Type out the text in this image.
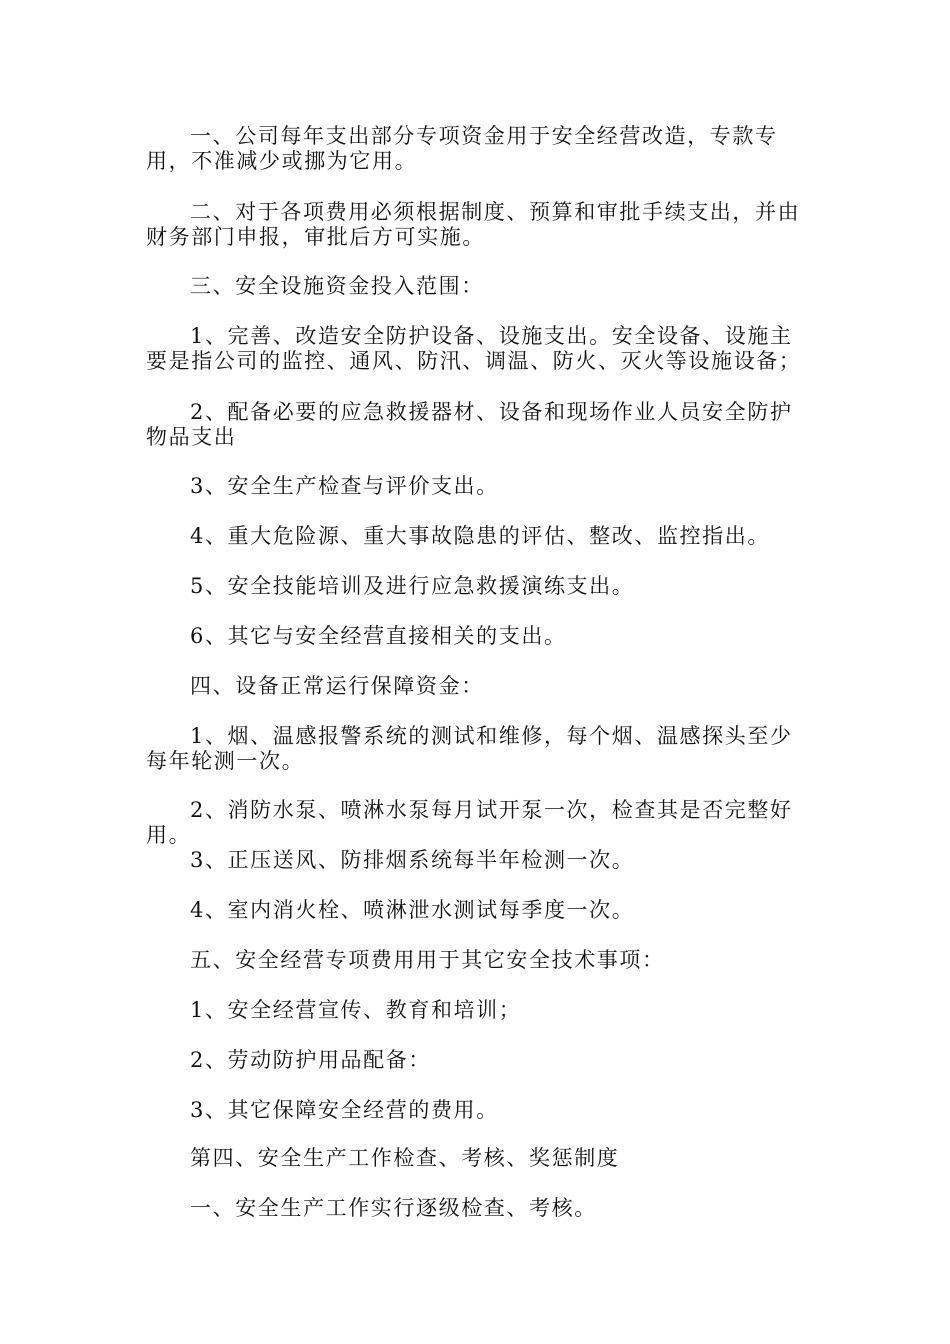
一、公司每年支出部分专项资金用于安全经营改造，专款专用，不准减少或挪为它用。

二、对于各项费用必须根据制度、预算和审批手续支出，并由财务部门申报，审批后方可实施。

三、安全设施资金投入范围：

1、完善、改造安全防护设备、设施支出。安全设备、设施主要是指公司的监控、通风、防汛、调温、防火、灭火等设施设备；

2、配备必要的应急救援器材、设备和现场作业人员安全防护物品支出

3、安全生产检查与评价支出。

4、重大危险源、重大事故隐患的评估、整改、监控指出。

5、安全技能培训及进行应急救援演练支出。

6、其它与安全经营直接相关的支出。

四、设备正常运行保障资金：

1、烟、温感报警系统的测试和维修，每个烟、温感探头至少每年轮测一次。

2、消防水泵、喷淋水泵每月试开泵一次，检查其是否完整好用。

3、正压送风、防排烟系统每半年检测一次。

4、室内消火栓、喷淋泄水测试每季度一次。

五、安全经营专项费用用于其它安全技术事项：

1、安全经营宣传、教育和培训；

2、劳动防护用品配备：

3、其它保障安全经营的费用。

第四、安全生产工作检查、考核、奖惩制度

一、安全生产工作实行逐级检查、考核。
